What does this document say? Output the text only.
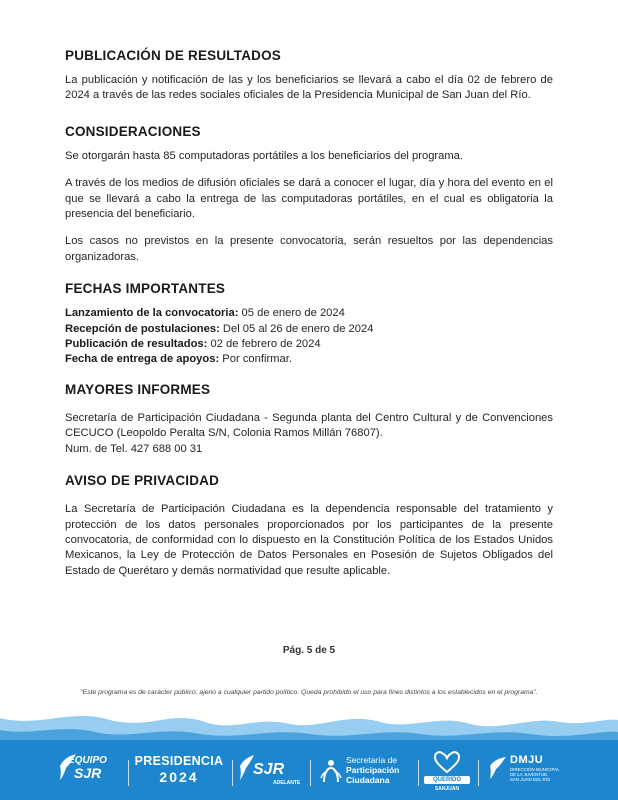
PUBLICACIÓN DE RESULTADOS

La publicación y notificación de las y los beneficiarios se llevará a cabo el día 02 de febrero de 2024 a través de las redes sociales oficiales de la Presidencia Municipal de San Juan del Río.

CONSIDERACIONES

Se otorgarán hasta 85 computadoras portátiles a los beneficiarios del programa.

A través de los medios de difusión oficiales se dará a conocer el lugar, día y hora del evento en el que se llevará a cabo la entrega de las computadoras portátiles, en el cual es obligatoria la presencia del beneficiario.

Los casos no previstos en la presente convocatoria, serán resueltos por las dependencias organizadoras.

FECHAS IMPORTANTES
Lanzamiento de la convocatoria: 05 de enero de 2024
Recepción de postulaciones: Del 05 al 26 de enero de 2024
Publicación de resultados: 02 de febrero de 2024
Fecha de entrega de apoyos: Por confirmar.
MAYORES INFORMES

Secretaría de Participación Ciudadana - Segunda planta del Centro Cultural y de Convenciones CECUCO (Leopoldo Peralta S/N, Colonia Ramos Millán 76807).

Num. de Tel. 427 688 00 31

AVISO DE PRIVACIDAD

La Secretaría de Participación Ciudadana es la dependencia responsable del tratamiento y protección de los datos personales proporcionados por los participantes de la presente convocatoria, de conformidad con lo dispuesto en la Constitución Política de los Estados Unidos Mexicanos, la Ley de Protección de Datos Personales en Posesión de Sujetos Obligados del Estado de Querétaro y demás normatividad que resulte aplicable.

Pág. 5 de 5
“Este programa es de carácter público, ajeno a cualquier partido político. Queda prohibido el uso para fines distintos a los establecidos en el programa”.
EQUIPO
SJR
PRESIDENCIA
2024	SJR
ADELANTE
Secretaría de
Participación
Ciudadana	QUERIDO
SANJUAN
DMJU
DIRECCIÓN MUNICIPAL
DE LA JUVENTUD
SAN JUAN DEL RÍO
